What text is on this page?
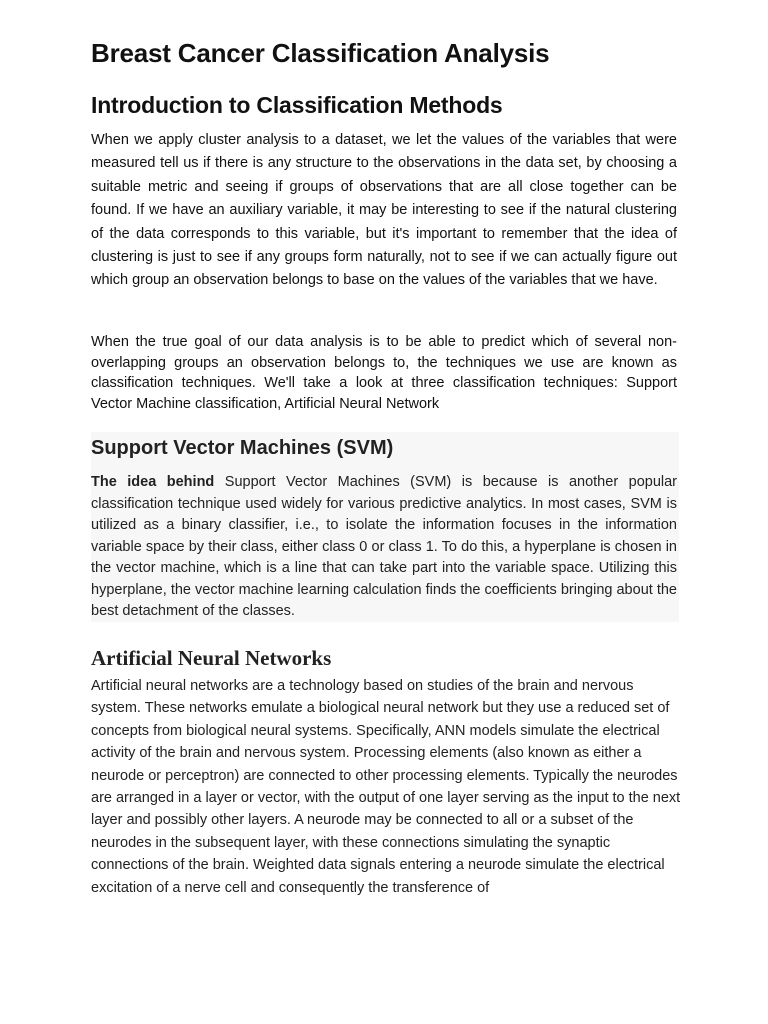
Breast Cancer Classification Analysis
Introduction to Classification Methods

When we apply cluster analysis to a dataset, we let the values of the variables that were measured tell us if there is any structure to the observations in the data set, by choosing a suitable metric and seeing if groups of observations that are all close together can be found. If we have an auxiliary variable, it may be interesting to see if the natural clustering of the data corresponds to this variable, but it's important to remember that the idea of clustering is just to see if any groups form naturally, not to see if we can actually figure out which group an observation belongs to base on the values of the variables that we have.

When the true goal of our data analysis is to be able to predict which of several non-overlapping groups an observation belongs to, the techniques we use are known as classification techniques. We'll take a look at three classification techniques: Support Vector Machine classification, Artificial Neural Network

Support Vector Machines (SVM)

The idea behind Support Vector Machines (SVM) is because is another popular classification technique used widely for various predictive analytics. In most cases, SVM is utilized as a binary classifier, i.e., to isolate the information focuses in the information variable space by their class, either class 0 or class 1. To do this, a hyperplane is chosen in the vector machine, which is a line that can take part into the variable space. Utilizing this hyperplane, the vector machine learning calculation finds the coefficients bringing about the best detachment of the classes.

Artificial Neural Networks

Artificial neural networks are a technology based on studies of the brain and nervous system. These networks emulate a biological neural network but they use a reduced set of concepts from biological neural systems. Specifically, ANN models simulate the electrical activity of the brain and nervous system. Processing elements (also known as either a neurode or perceptron) are connected to other processing elements. Typically the neurodes are arranged in a layer or vector, with the output of one layer serving as the input to the next layer and possibly other layers. A neurode may be connected to all or a subset of the neurodes in the subsequent layer, with these connections simulating the synaptic connections of the brain. Weighted data signals entering a neurode simulate the electrical excitation of a nerve cell and consequently the transference of
